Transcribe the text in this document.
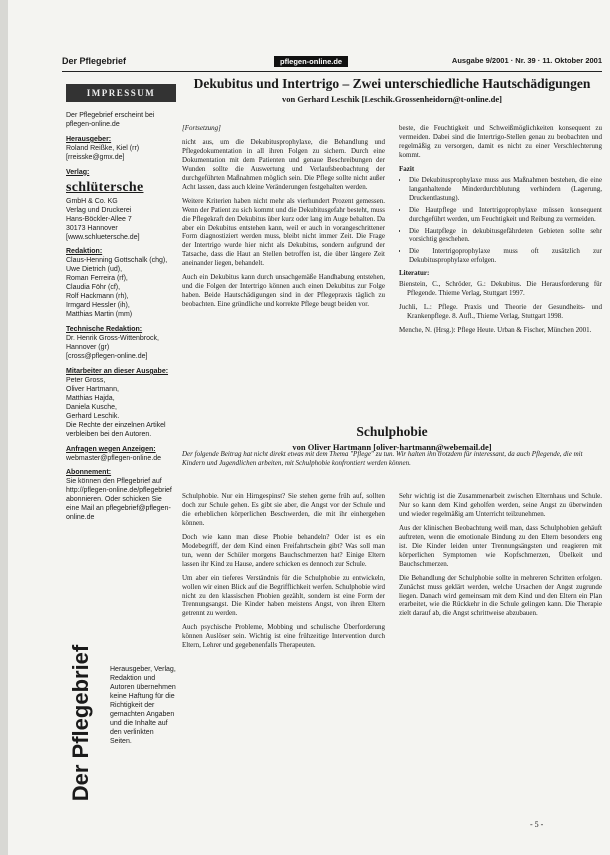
Der Pflegebrief	pflegen-online.de	Ausgabe 9/2001 · Nr. 39 · 11. Oktober 2001
IMPRESSUM
Der Pflegebrief erscheint bei pflegen-online.de
Herausgeber:
Roland Reißke, Kiel (rr)
[rreisske@gmx.de]
Verlag:
schlütersche
GmbH & Co. KG
Verlag und Druckerei
Hans-Böckler-Allee 7
30173 Hannover
[www.schluetersche.de]
Redaktion:
Claus-Henning Gottschalk (chg),
Uwe Dietrich (ud),
Roman Ferreira (rf),
Claudia Föhr (cf),
Rolf Hackmann (rh),
Irmgard Hessler (ih),
Matthias Martin (mm)
Technische Redaktion:
Dr. Henrik Gross-Wittenbrock, Hannover (gr)
[cross@pflegen-online.de]
Mitarbeiter an dieser Ausgabe:
Peter Gross,
Oliver Hartmann,
Matthias Hajda,
Daniela Kusche,
Gerhard Leschik.
Die Rechte der einzelnen Artikel verbleiben bei den Autoren.
Anfragen wegen Anzeigen:
webmaster@pflegen-online.de
Abonnement:
Sie können den Pflegebrief auf http://pflegen-online.de/pflegebrief abonnieren. Oder schicken Sie eine Mail an pflegebrief@pflegen-online.de
Der Pflegebrief Herausgeber, Verlag, Redaktion und Autoren übernehmen keine Haftung für die Richtigkeit der gemachten Angaben und die Inhalte auf den verlinkten Seiten.
Dekubitus und Intertrigo – Zwei unterschiedliche Hautschädigungen
von Gerhard Leschik [Leschik.Grossenheidorn@t-online.de]

[Fortsetzung]

nicht aus, um die Dekubitusprophylaxe, die Behandlung und Pflegedokumentation in all ihren Folgen zu sichern. Durch eine Dokumentation mit dem Patienten und genaue Beschreibungen der Wunden sollte die Auswertung und Verlaufsbeobachtung der durchgeführten Maßnahmen möglich sein. Die Pflege sollte nicht außer Acht lassen, dass auch kleine Veränderungen festgehalten werden.

Weitere Kriterien haben nicht mehr als vierhundert Prozent gemessen. Wenn der Patient zu sich kommt und die Dekubitusgefahr besteht, muss die Pflegekraft den Dekubitus über kurz oder lang im Auge behalten. Da aber ein Dekubitus entstehen kann, weil er auch in vorangeschrittener Form diagnostiziert werden muss, bleibt nicht immer Zeit. Die Frage der Intertrigo wurde hier nicht als Dekubitus, sondern aufgrund der Tatsache, dass die Haut an Stellen betroffen ist, die über längere Zeit aneinander liegen, behandelt.

Auch ein Dekubitus kann durch unsachgemäße Handhabung entstehen, und die Folgen der Intertrigo können auch einen Dekubitus zur Folge haben. Beide Hautschädigungen sind in der Pflegepraxis täglich zu beobachten. Eine gründliche und korrekte Pflege beugt beiden vor.

beste, die Feuchtigkeit und Schweißmöglichkeiten konsequent zu vermeiden. Dabei sind die Intertrigo-Stellen genau zu beobachten und regelmäßig zu versorgen, damit es nicht zu einer Verschlechterung kommt.

Fazit
• Die Dekubitusprophylaxe muss aus Maßnahmen bestehen, die eine langanhaltende Minderdurchblutung verhindern (Lagerung, Druckentlastung).
• Die Hautpflege und Intertrigoprophylaxe müssen konsequent durchgeführt werden, um Feuchtigkeit und Reibung zu vermeiden.
• Die Hautpflege in dekubitusgefährdeten Gebieten sollte sehr vorsichtig geschehen.
• Die Intertrigoprophylaxe muss oft zusätzlich zur Dekubitusprophylaxe erfolgen.
Literatur:

Bienstein, C., Schröder, G.: Dekubitus. Die Herausforderung für Pflegende. Thieme Verlag, Stuttgart 1997.

Juchli, L.: Pflege. Praxis und Theorie der Gesundheits- und Krankenpflege. 8. Aufl., Thieme Verlag, Stuttgart 1998.

Menche, N. (Hrsg.): Pflege Heute. Urban & Fischer, München 2001.

Schulphobie
von Oliver Hartmann [oliver-hartmann@webemail.de]
Der folgende Beitrag hat nicht direkt etwas mit dem Thema "Pflege" zu tun. Wir halten ihn trotzdem für interessant, da auch Pflegende, die mit Kindern und Jugendlichen arbeiten, mit Schulphobie konfrontiert werden können.

Schulphobie. Nur ein Hirngespinst? Sie stehen gerne früh auf, sollten doch zur Schule gehen. Es gibt sie aber, die Angst vor der Schule und die erheblichen körperlichen Beschwerden, die mit ihr einhergehen können.

Doch wie kann man diese Phobie behandeln? Oder ist es ein Modebegriff, der dem Kind einen Freifahrtschein gibt? Was soll man tun, wenn der Schüler morgens Bauchschmerzen hat? Einige Eltern lassen ihr Kind zu Hause, andere schicken es dennoch zur Schule.

Um aber ein tieferes Verständnis für die Schulphobie zu entwickeln, wollen wir einen Blick auf die Begrifflichkeit werfen. Schulphobie wird nicht zu den klassischen Phobien gezählt, sondern ist eine Form der Trennungsangst. Die Kinder haben meistens Angst, von ihren Eltern getrennt zu werden.

Auch psychische Probleme, Mobbing und schulische Überforderung können Auslöser sein. Wichtig ist eine frühzeitige Intervention durch Eltern, Lehrer und gegebenenfalls Therapeuten.

Sehr wichtig ist die Zusammenarbeit zwischen Elternhaus und Schule. Nur so kann dem Kind geholfen werden, seine Angst zu überwinden und wieder regelmäßig am Unterricht teilzunehmen.

Aus der klinischen Beobachtung weiß man, dass Schulphobien gehäuft auftreten, wenn die emotionale Bindung zu den Eltern besonders eng ist. Die Kinder leiden unter Trennungsängsten und reagieren mit körperlichen Symptomen wie Kopfschmerzen, Übelkeit und Bauchschmerzen.

Die Behandlung der Schulphobie sollte in mehreren Schritten erfolgen. Zunächst muss geklärt werden, welche Ursachen der Angst zugrunde liegen. Danach wird gemeinsam mit dem Kind und den Eltern ein Plan erarbeitet, wie die Rückkehr in die Schule gelingen kann. Die Therapie zielt darauf ab, die Angst schrittweise abzubauen.

- 5 -
